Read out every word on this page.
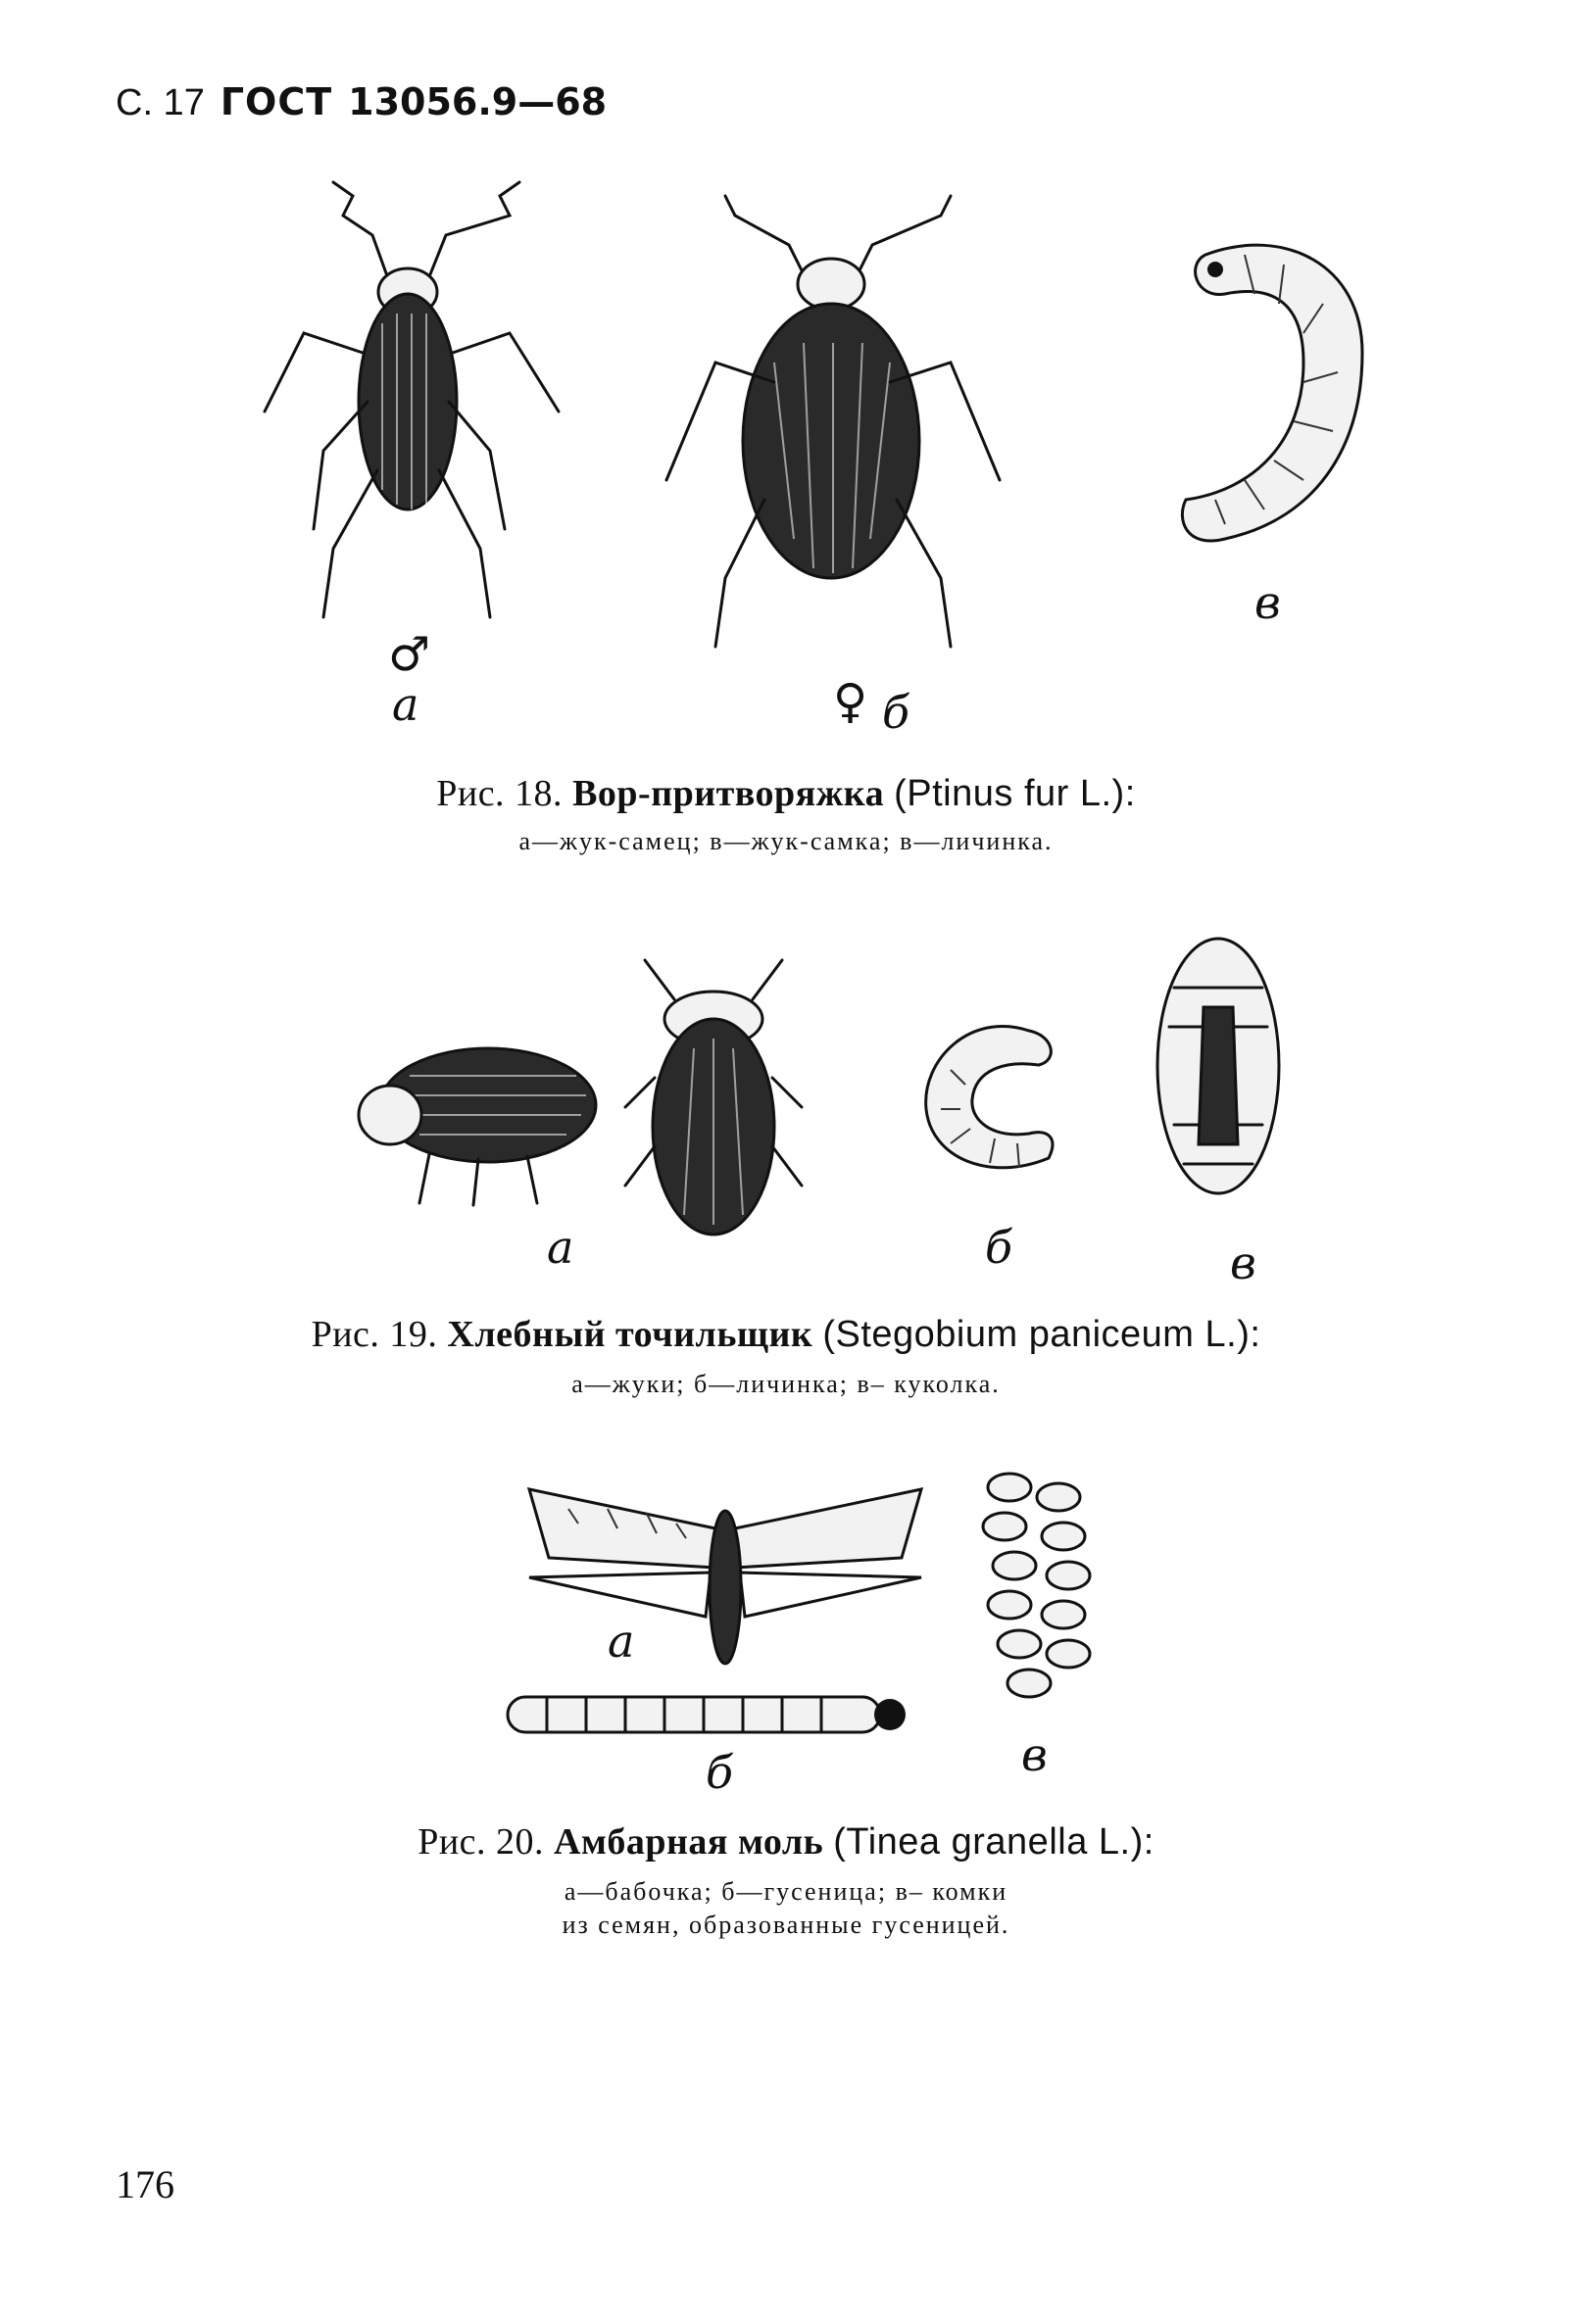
С. 17 ГОСТ 13056.9—68
♂
а	♀ б
в
Рис. 18. Вор-притворяжка (Ptinus fur L.):
а—жук-самец; в—жук-самка; в—личинка.
а	б	в
Рис. 19. Хлебный точильщик (Stegobium paniceum L.):
а—жуки; б—личинка; в– куколка.
а
б	в
Рис. 20. Амбарная моль (Tinea granella L.):
а—бабочка; б—гусеница; в– комки
из семян, образованные гусеницей.
176
